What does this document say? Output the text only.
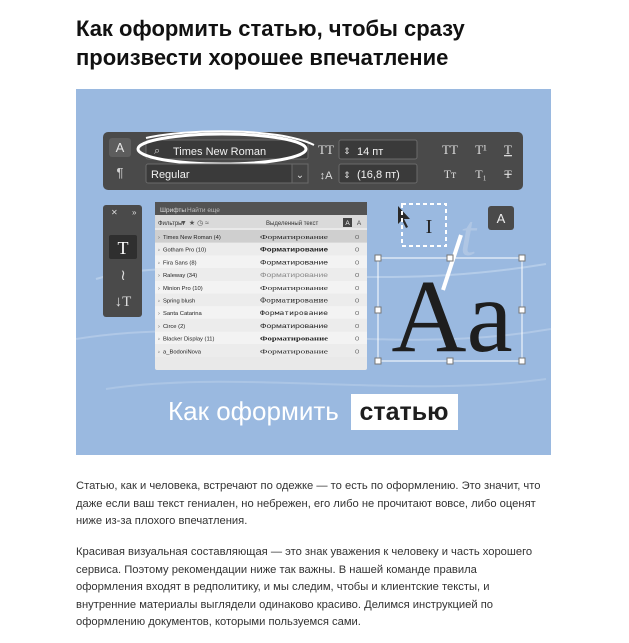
Как оформить статью, чтобы сразу
произвести хорошее впечатление
A
¶
⌕ Times New Roman
Regular	⌄
TT
↕A
⇕ 14 пт
⇕ (16,8 пт)
TT T¹ T
Tт T₁ T
✕ »
T
≀
↓T
Шрифты Найти еще
Фильтры:
▼ ★ ◷ ≈	Выделенный текст	A A
› Times New Roman (4)	Форматирование	O
› Gotham Pro (10)	Форматирование	O
› Fira Sans (8)	Форматирование	O
› Raleway (34)	Форматирование	O
› Minion Pro (10)	Форматирование	O
› Spring blush	Форматирование	O
› Santa Catarina	Форматирование	O
› Circe (2)	Форматирование	O
› Blacker Display (11)	Форматирование	O
› a_BodoniNova	Форматирование	O
I	A
t
Aa
Как оформить статью

Статью, как и человека, встречают по одежке — то есть по оформлению. Это значит, что
даже если ваш текст гениален, но небрежен, его либо не прочитают вовсе, либо оценят
ниже из-за плохого впечатления.

Красивая визуальная составляющая — это знак уважения к человеку и часть хорошего
сервиса. Поэтому рекомендации ниже так важны. В нашей команде правила
оформления входят в редполитику, и мы следим, чтобы и клиентские тексты, и
внутренние материалы выглядели одинаково красиво. Делимся инструкцией по
оформлению документов, которыми пользуемся сами.
